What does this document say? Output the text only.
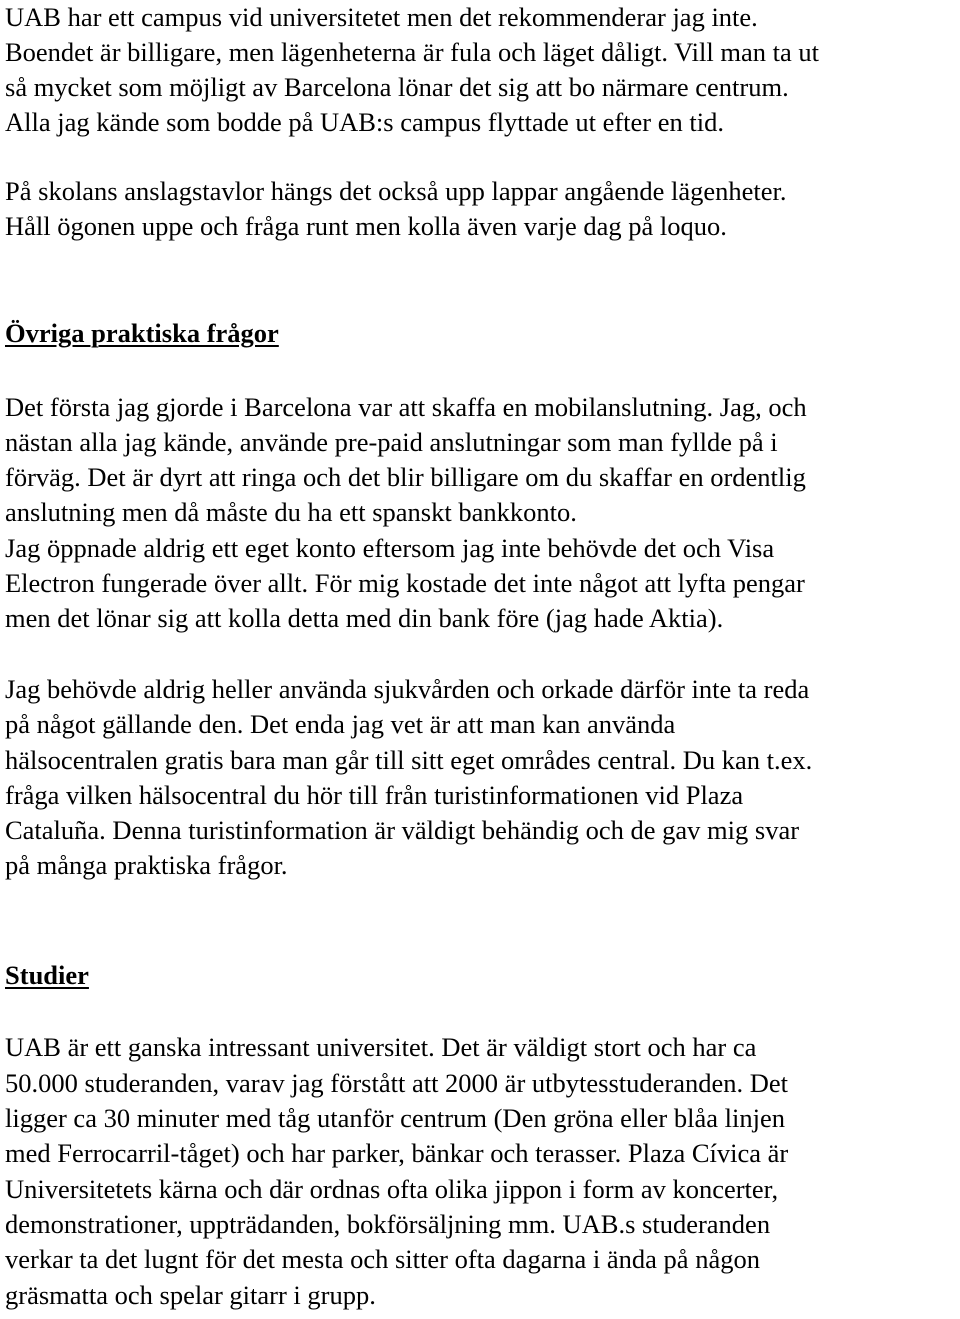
UAB har ett campus vid universitetet men det rekommenderar jag inte.

Boendet är billigare, men lägenheterna är fula och läget dåligt. Vill man ta ut

så mycket som möjligt av Barcelona lönar det sig att bo närmare centrum.

Alla jag kände som bodde på UAB:s campus flyttade ut efter en tid.

På skolans anslagstavlor hängs det också upp lappar angående lägenheter.

Håll ögonen uppe och fråga runt men kolla även varje dag på loquo.

Övriga praktiska frågor

Det första jag gjorde i Barcelona var att skaffa en mobilanslutning. Jag, och

nästan alla jag kände, använde pre-paid anslutningar som man fyllde på i

förväg. Det är dyrt att ringa och det blir billigare om du skaffar en ordentlig

anslutning men då måste du ha ett spanskt bankkonto.

Jag öppnade aldrig ett eget konto eftersom jag inte behövde det och Visa

Electron fungerade över allt. För mig kostade det inte något att lyfta pengar

men det lönar sig att kolla detta med din bank före (jag hade Aktia).

Jag behövde aldrig heller använda sjukvården och orkade därför inte ta reda

på något gällande den. Det enda jag vet är att man kan använda

hälsocentralen gratis bara man går till sitt eget områdes central. Du kan t.ex.

fråga vilken hälsocentral du hör till från turistinformationen vid Plaza

Cataluña. Denna turistinformation är väldigt behändig och de gav mig svar

på många praktiska frågor.

Studier

UAB är ett ganska intressant universitet. Det är väldigt stort och har ca

50.000 studeranden, varav jag förstått att 2000 är utbytesstuderanden. Det

ligger ca 30 minuter med tåg utanför centrum (Den gröna eller blåa linjen

med Ferrocarril-tåget) och har parker, bänkar och terasser. Plaza Cívica är

Universitetets kärna och där ordnas ofta olika jippon i form av koncerter,

demonstrationer, uppträdanden, bokförsäljning mm. UAB.s studeranden

verkar ta det lugnt för det mesta och sitter ofta dagarna i ända på någon

gräsmatta och spelar gitarr i grupp.
